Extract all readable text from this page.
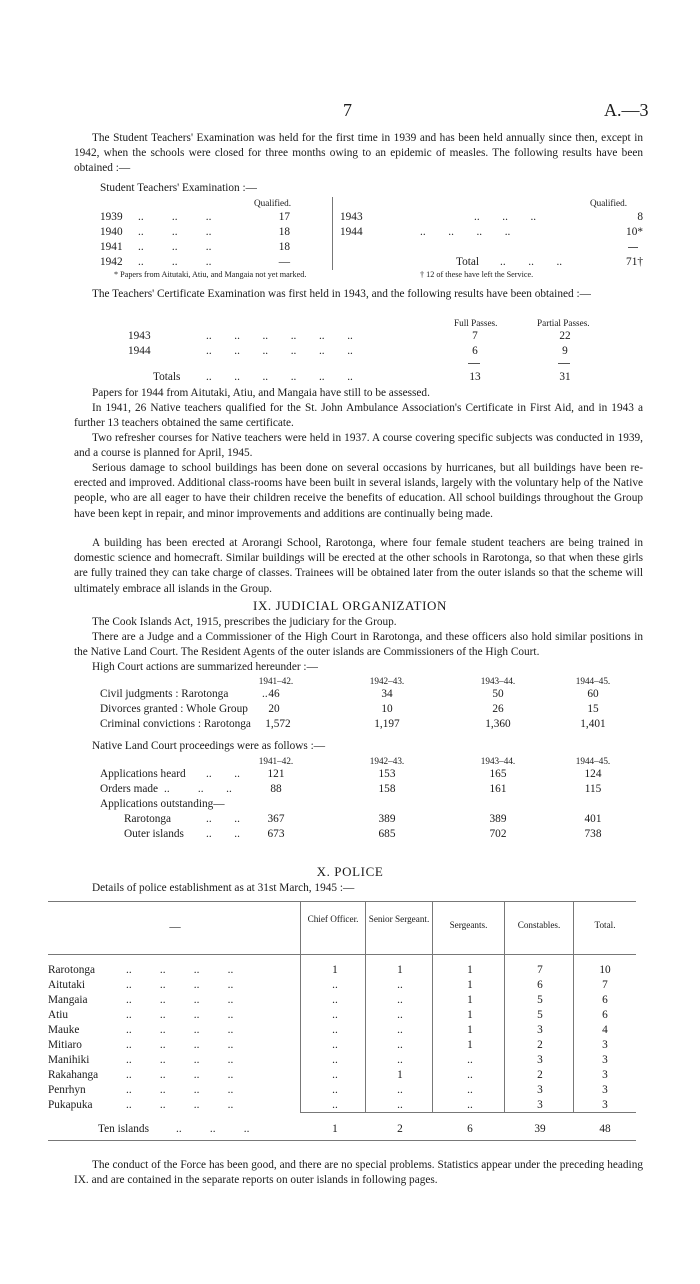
7	A.—3
The Student Teachers' Examination was held for the first time in 1939 and has been held annually since then, except in 1942, when the schools were closed for three months owing to an epidemic of measles. The following results have been obtained :—
Student Teachers' Examination :—
Qualified.	Qualified.
1939 ..          ..          ..	17
1940 ..          ..          ..	18
1941 ..          ..          ..	18
1942 ..          ..          ..	—
1943	..        ..        ..	8
1944	..        ..        ..        ..	10*
Total ..        ..        ..	71†
* Papers from Aitutaki, Atiu, and Mangaia not yet marked.	† 12 of these have left the Service.
The Teachers' Certificate Examination was first held in 1943, and the following results have been obtained :—
Full Passes.	Partial Passes.
1943	..        ..        ..        ..        ..        ..	7	22
1944	..        ..        ..        ..        ..        ..	6	9
Totals ..        ..        ..        ..        ..        ..	13	31
Papers for 1944 from Aitutaki, Atiu, and Mangaia have still to be assessed.
In 1941, 26 Native teachers qualified for the St. John Ambulance Association's Certificate in First Aid, and in 1943 a further 13 teachers obtained the same certificate.
Two refresher courses for Native teachers were held in 1937. A course covering specific subjects was conducted in 1939, and a course is planned for April, 1945.
Serious damage to school buildings has been done on several occasions by hurricanes, but all buildings have been re-erected and improved. Additional class-rooms have been built in several islands, largely with the voluntary help of the Native people, who are all eager to have their children receive the benefits of education. All school buildings throughout the Group have been kept in repair, and minor improvements and additions are continually being made.
A building has been erected at Arorangi School, Rarotonga, where four female student teachers are being trained in domestic science and homecraft. Similar buildings will be erected at the other schools in Rarotonga, so that when these girls are fully trained they can take charge of classes. Trainees will be obtained later from the outer islands so that the scheme will ultimately embrace all islands in the Group.
IX. JUDICIAL ORGANIZATION
The Cook Islands Act, 1915, prescribes the judiciary for the Group.
There are a Judge and a Commissioner of the High Court in Rarotonga, and these officers also hold similar positions in the Native Land Court. The Resident Agents of the outer islands are Commissioners of the High Court.
High Court actions are summarized hereunder :—
1941–42.	1942–43.	1943–44.	1944–45.
Civil judgments : Rarotonga	.. 46	34	50	60
Divorces granted : Whole Group	20	10	26	15
Criminal convictions : Rarotonga	1,572	1,197	1,360	1,401
Native Land Court proceedings were as follows :—
1941–42.	1942–43.	1943–44.	1944–45.
Applications heard ..        ..	121	153	165	124
Orders made ..          ..        ..	88	158	161	115
Applications outstanding—
Rarotonga	..        ..	367	389	389	401
Outer islands ..        ..	673	685	702	738
X. POLICE
Details of police establishment as at 31st March, 1945 :—
—
Chief Officer.	Senior Sergeant.
Sergeants.	Constables.	Total.
Rarotonga	..          ..          ..          ..	1	1	1	7	10
Aitutaki	..          ..          ..          ..	..	..	1	6	7
Mangaia	..          ..          ..          ..	..	..	1	5	6
Atiu	..          ..          ..          ..	..	..	1	5	6
Mauke	..          ..          ..          ..	..	..	1	3	4
Mitiaro	..          ..          ..          ..	..	..	1	2	3
Manihiki	..          ..          ..          ..	..	..	..	3	3
Rakahanga ..          ..          ..          ..	..	1	..	2	3
Penrhyn	..          ..          ..          ..	..	..	..	3	3
Pukapuka	..          ..          ..          ..	..	..	..	3	3
Ten islands ..          ..          ..	1	2	6	39	48
The conduct of the Force has been good, and there are no special problems. Statistics appear under the preceding heading IX. and are contained in the separate reports on outer islands in following pages.
